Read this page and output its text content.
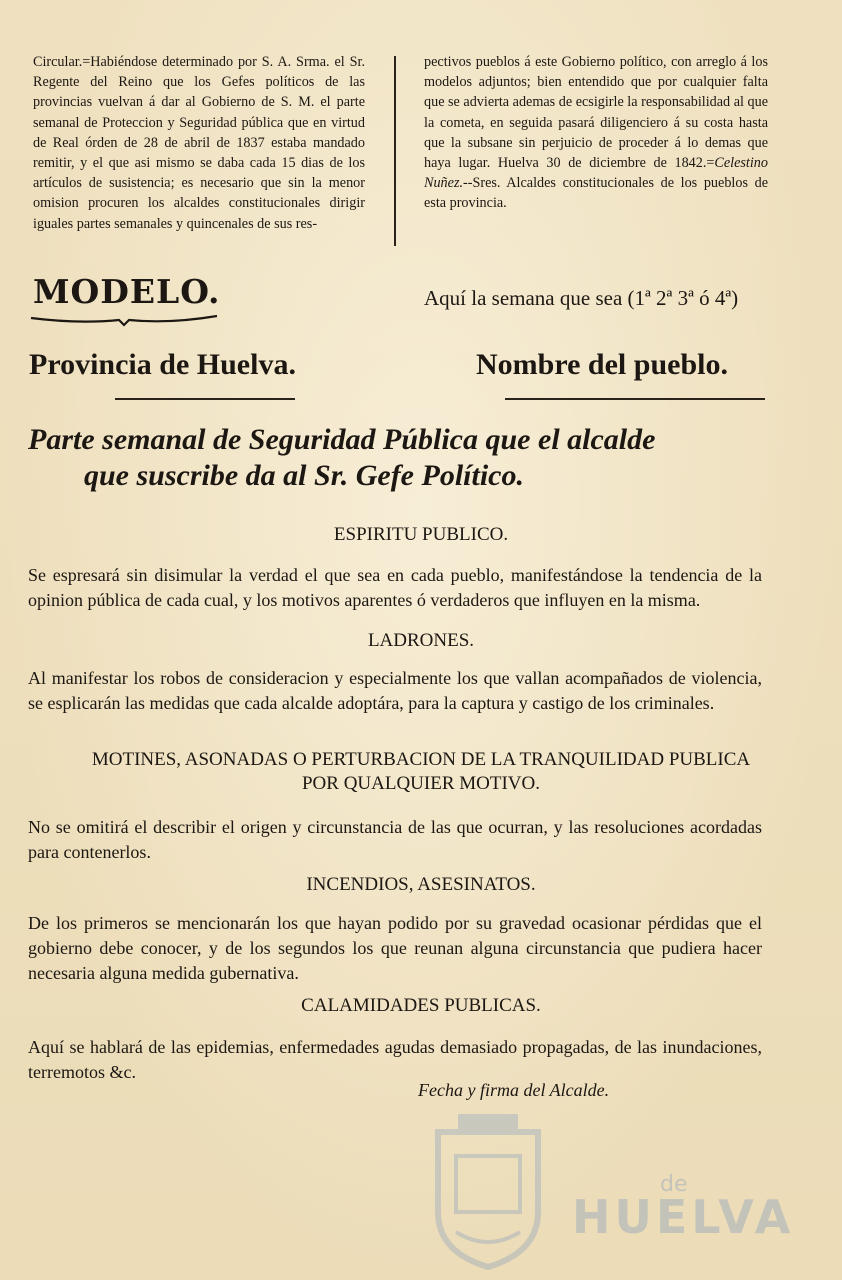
Circular.=Habiéndose determinado por S. A. Srma. el Sr. Regente del Reino que los Gefes políticos de las provincias vuelvan á dar al Gobierno de S. M. el parte semanal de Proteccion y Seguridad pública que en virtud de Real órden de 28 de abril de 1837 estaba mandado remitir, y el que asi mismo se daba cada 15 dias de los artículos de susistencia; es necesario que sin la menor omision procuren los alcaldes constitucionales dirigir iguales partes semanales y quincenales de sus res-

pectivos pueblos á este Gobierno político, con arreglo á los modelos adjuntos; bien entendido que por cualquier falta que se advierta ademas de ecsigirle la responsabilidad al que la cometa, en seguida pasará diligenciero á su costa hasta que la subsane sin perjuicio de proceder á lo demas que haya lugar. Huelva 30 de diciembre de 1842.=Celestino Nuñez.--Sres. Alcaldes constitucionales de los pueblos de esta provincia.

MODELO.	Aquí la semana que sea (1ª 2ª 3ª ó 4ª)
Provincia de Huelva.	Nombre del pueblo.
Parte semanal de Seguridad Pública que el alcalde
que suscribe da al Sr. Gefe Político.
ESPIRITU PUBLICO.

Se espresará sin disimular la verdad el que sea en cada pueblo, manifestándose la tendencia de la opinion pública de cada cual, y los motivos aparentes ó verdaderos que influyen en la misma.

LADRONES.

Al manifestar los robos de consideracion y especialmente los que vallan acompañados de violencia, se esplicarán las medidas que cada alcalde adoptára, para la captura y castigo de los criminales.

MOTINES, ASONADAS O PERTURBACION DE LA TRANQUILIDAD PUBLICA
POR QUALQUIER MOTIVO.

No se omitirá el describir el origen y circunstancia de las que ocurran, y las resoluciones acordadas para contenerlos.

INCENDIOS, ASESINATOS.

De los primeros se mencionarán los que hayan podido por su gravedad ocasionar pérdidas que el gobierno debe conocer, y de los segundos los que reunan alguna circunstancia que pudiera hacer necesaria alguna medida gubernativa.

CALAMIDADES PUBLICAS.

Aquí se hablará de las epidemias, enfermedades agudas demasiado propagadas, de las inundaciones, terremotos &c.

Fecha y firma del Alcalde.
de
HUELVA
